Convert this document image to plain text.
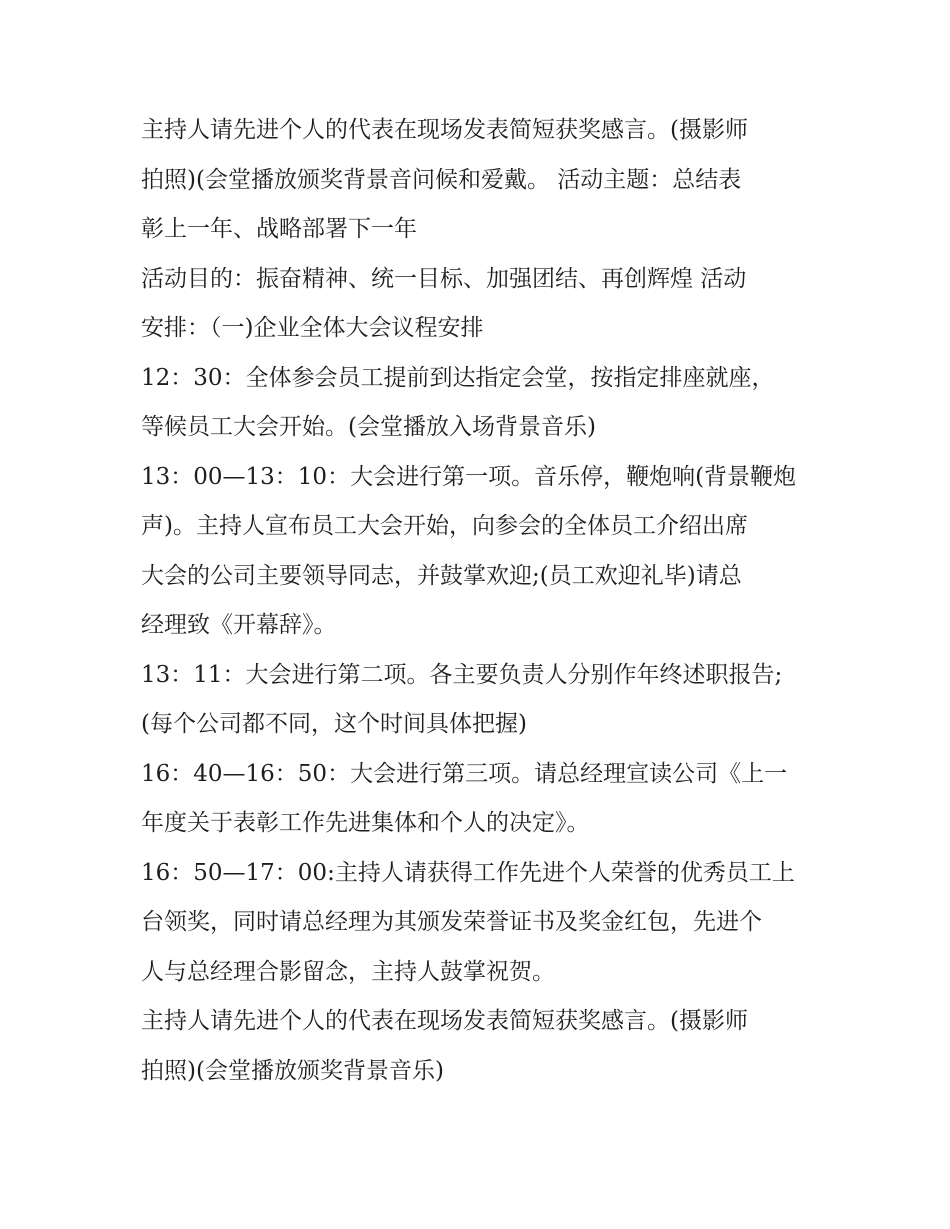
主持人请先进个人的代表在现场发表简短获奖感言。(摄影师
拍照)(会堂播放颁奖背景音问候和爱戴。 活动主题：总结表
彰上一年、战略部署下一年
活动目的：振奋精神、统一目标、加强团结、再创辉煌 活动
安排：（一)企业全体大会议程安排
12：30：全体参会员工提前到达指定会堂，按指定排座就座，
等候员工大会开始。(会堂播放入场背景音乐)
13：00—13：10：大会进行第一项。音乐停，鞭炮响(背景鞭炮
声)。主持人宣布员工大会开始，向参会的全体员工介绍出席
大会的公司主要领导同志，并鼓掌欢迎;(员工欢迎礼毕)请总
经理致《开幕辞》。
13：11：大会进行第二项。各主要负责人分别作年终述职报告;
(每个公司都不同，这个时间具体把握)
16：40—16：50：大会进行第三项。请总经理宣读公司《上一
年度关于表彰工作先进集体和个人的决定》。
16：50—17：00:主持人请获得工作先进个人荣誉的优秀员工上
台领奖，同时请总经理为其颁发荣誉证书及奖金红包，先进个
人与总经理合影留念，主持人鼓掌祝贺。
主持人请先进个人的代表在现场发表简短获奖感言。(摄影师
拍照)(会堂播放颁奖背景音乐)
